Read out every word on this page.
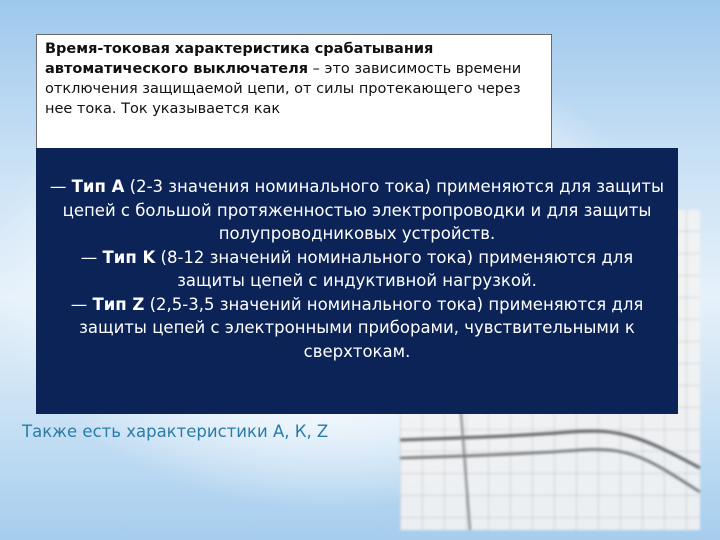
Время-токовая характеристика срабатывания автоматического выключателя – это зависимость времени отключения защищаемой цепи, от силы протекающего через нее тока. Ток указывается как

— Тип A (2-3 значения номинального тока) применяются для защиты цепей с большой протяженностью электропроводки и для защиты полупроводниковых устройств.

— Тип K (8-12 значений номинального тока) применяются для защиты цепей с индуктивной нагрузкой.

— Тип Z (2,5-3,5 значений номинального тока) применяются для защиты цепей с электронными приборами, чувствительными к сверхтокам.

Также есть характеристики А, К, Z
